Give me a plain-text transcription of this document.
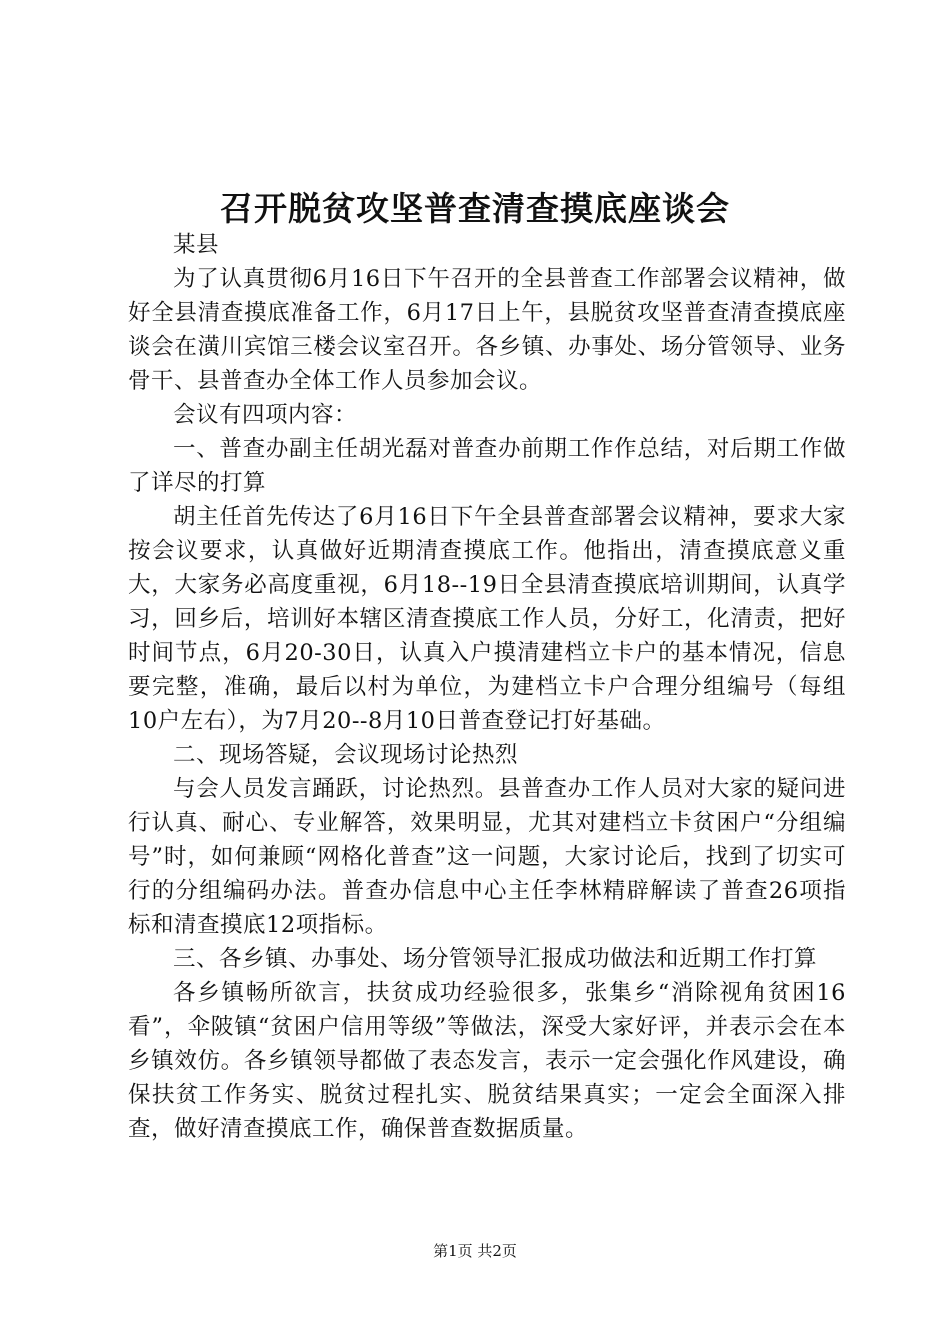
召开脱贫攻坚普查清查摸底座谈会

某县

为了认真贯彻6月16日下午召开的全县普查工作部署会议精神，做好全县清查摸底准备工作，6月17日上午，县脱贫攻坚普查清查摸底座谈会在潢川宾馆三楼会议室召开。各乡镇、办事处、场分管领导、业务骨干、县普查办全体工作人员参加会议。

会议有四项内容：

一、普查办副主任胡光磊对普查办前期工作作总结，对后期工作做了详尽的打算

胡主任首先传达了6月16日下午全县普查部署会议精神，要求大家按会议要求，认真做好近期清查摸底工作。他指出，清查摸底意义重大，大家务必高度重视，6月18--19日全县清查摸底培训期间，认真学习，回乡后，培训好本辖区清查摸底工作人员，分好工，化清责，把好时间节点，6月20-30日，认真入户摸清建档立卡户的基本情况，信息要完整，准确，最后以村为单位，为建档立卡户合理分组编号（每组10户左右），为7月20--8月10日普查登记打好基础。

二、现场答疑，会议现场讨论热烈

与会人员发言踊跃，讨论热烈。县普查办工作人员对大家的疑问进行认真、耐心、专业解答，效果明显，尤其对建档立卡贫困户“分组编号”时，如何兼顾“网格化普查”这一问题，大家讨论后，找到了切实可行的分组编码办法。普查办信息中心主任李林精辟解读了普查26项指标和清查摸底12项指标。

三、各乡镇、办事处、场分管领导汇报成功做法和近期工作打算

各乡镇畅所欲言，扶贫成功经验很多，张集乡“消除视角贫困16看”，伞陂镇“贫困户信用等级”等做法，深受大家好评，并表示会在本乡镇效仿。各乡镇领导都做了表态发言，表示一定会强化作风建设，确保扶贫工作务实、脱贫过程扎实、脱贫结果真实；一定会全面深入排查，做好清查摸底工作，确保普查数据质量。

第1页 共2页
